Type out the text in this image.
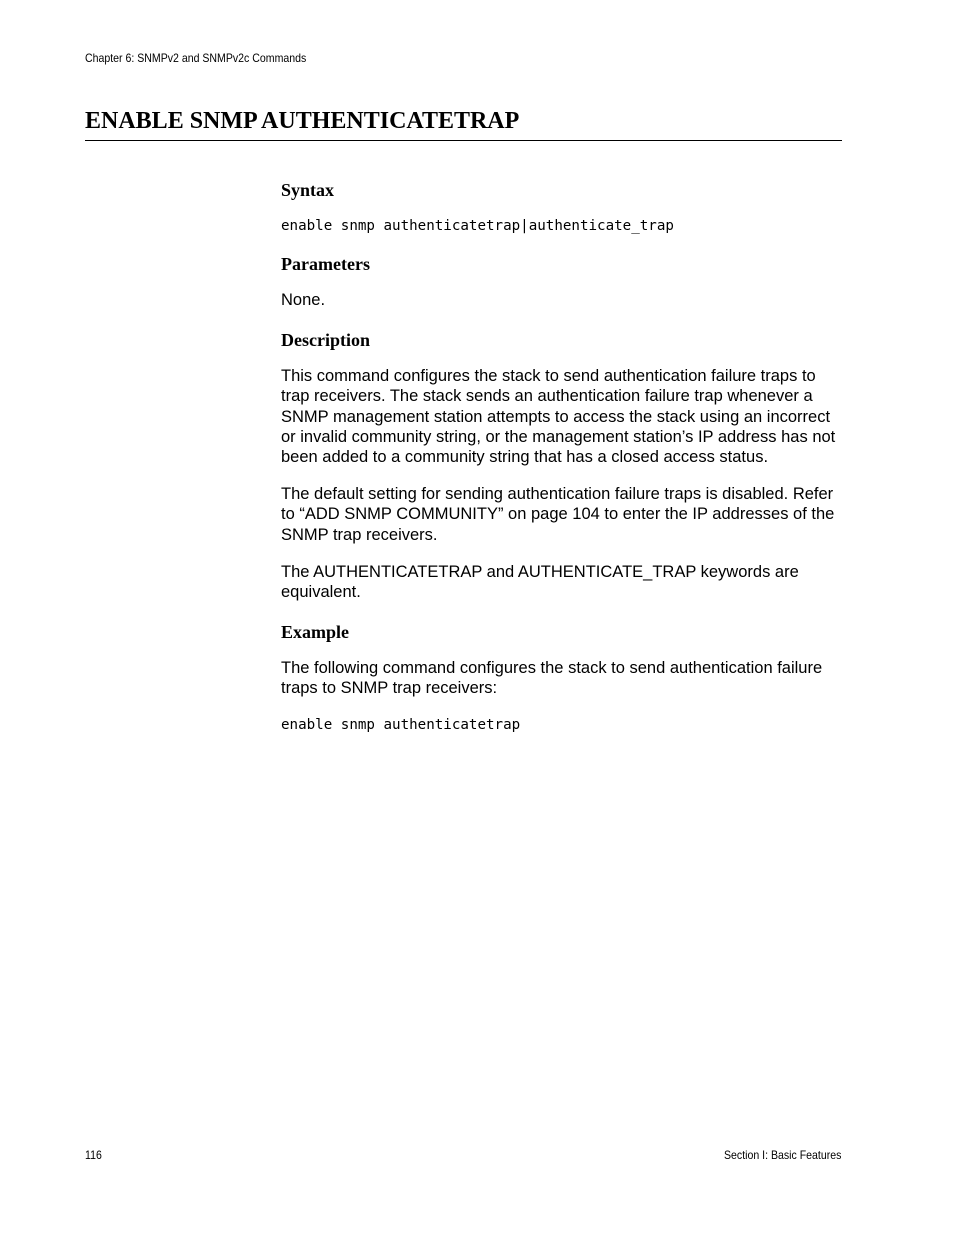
Chapter 6: SNMPv2 and SNMPv2c Commands
ENABLE SNMP AUTHENTICATETRAP
Syntax
enable snmp authenticatetrap|authenticate_trap
Parameters

None.

Description

This command configures the stack to send authentication failure traps to trap receivers. The stack sends an authentication failure trap whenever a SNMP management station attempts to access the stack using an incorrect or invalid community string, or the management station’s IP address has not been added to a community string that has a closed access status.

The default setting for sending authentication failure traps is disabled. Refer to “ADD SNMP COMMUNITY” on page 104 to enter the IP addresses of the SNMP trap receivers.

The AUTHENTICATETRAP and AUTHENTICATE_TRAP keywords are equivalent.

Example

The following command configures the stack to send authentication failure traps to SNMP trap receivers:

enable snmp authenticatetrap
116	Section I: Basic Features
